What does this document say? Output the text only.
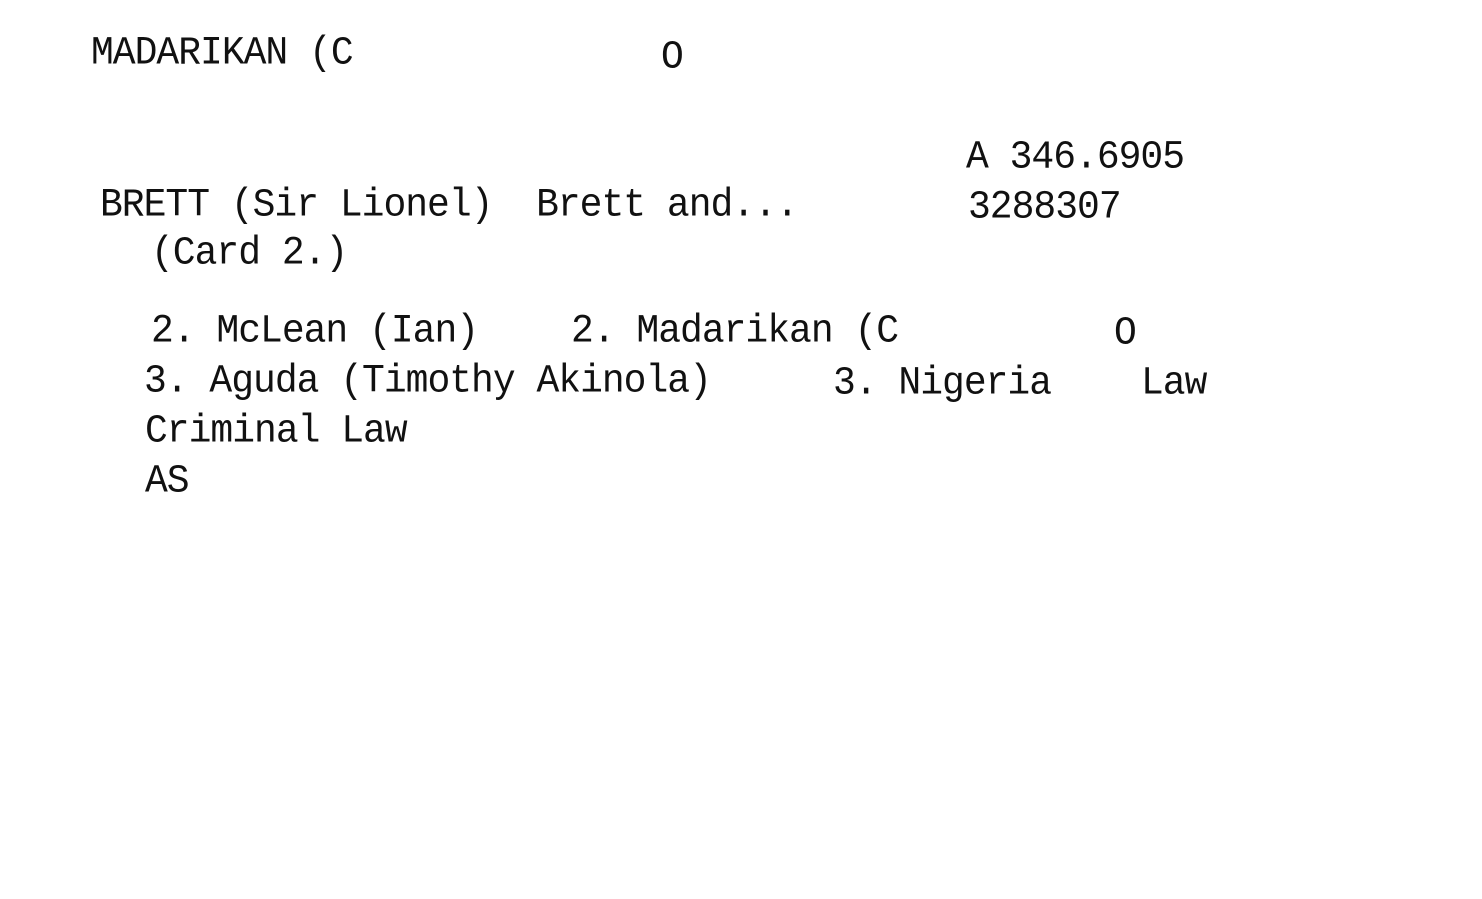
MADARIKAN (C	O
A 346.6905
3288307
BRETT (Sir Lionel)  Brett and...
(Card 2.)
2. McLean (Ian) 2. Madarikan (C	O
3. Aguda (Timothy Akinola)	3. Nigeria Law
Criminal Law
AS
